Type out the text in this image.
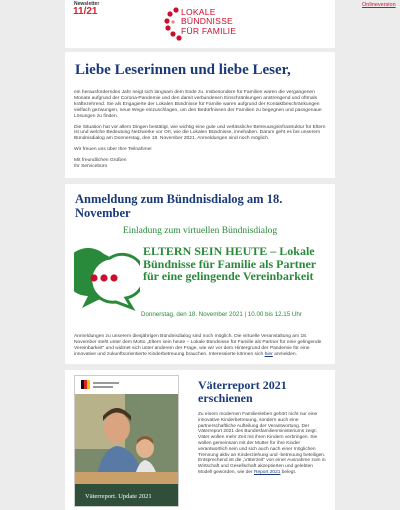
Newsletter
11/21	LOKALE
BÜNDNISSE
FÜR FAMILIE
Onlineversion
Liebe Leserinnen und liebe Leser,

ein herausforderndes Jahr neigt sich langsam dem Ende zu. Insbesondere für Familien waren die vergangenen Monate aufgrund der Corona-Pandemie und den damit verbundenen Einschränkungen anstrengend und oftmals kräftezehrend. Sie als Engagierte der Lokalen Bündnisse für Familie waren aufgrund der Kontaktbeschränkungen vielfach gezwungen, neue Wege einzuschlagen, um den Bedürfnissen der Familien zu begegnen und passgenaue Lösungen zu finden.

Die Situation hat vor allem Dingen bestätigt, wie wichtig eine gute und verlässliche Betreuungsinfrastruktur für Eltern ist und welche Bedeutung Netzwerke vor Ort, wie die Lokalen Bündnisse, innehaben. Darum geht es bei unserem Bündnisdialog am Donnerstag, den 18. November 2021. Anmeldungen sind noch möglich.

Wir freuen uns über Ihre Teilnahme!

Mit freundlichen Grüßen
Ihr Servicebüro

Anmeldung zum Bündnisdialog am 18. November
Einladung zum virtuellen Bündnisdialog
ELTERN SEIN HEUTE – Lokale Bündnisse für Familie als Partner für eine gelingende Vereinbarkeit
Donnerstag, den 18. November 2021 | 10.00 bis 12.15 Uhr
Anmeldungen zu unserem diesjährigen Bündnisdialog sind noch möglich. Die virtuelle Veranstaltung am 18. November steht unter dem Motto „Eltern sein heute – Lokale Bündnisse für Familie als Partner für eine gelingende Vereinbarkeit" und widmet sich unter anderem der Frage, wie wir vor dem Hintergrund der Pandemie für eine innovative und zukunftsorientierte Kinderbetreuung brauchen. Interessierte können sich hier anmelden.
Väterreport. Update 2021
Väterreport 2021 erschienen
Zu einem modernen Familienleben gehört nicht nur eine innovative Kinderbetreuung, sondern auch eine partnerschaftliche Aufteilung der Verantwortung. Der Väterreport 2021 des Bundesfamilienministeriums zeigt: Väter wollen mehr Zeit mit ihren Kindern verbringen. Sie wollen gemeinsam mit der Mutter für ihre Kinder verantwortlich sein und sich auch nach einer möglichen Trennung aktiv an Kinderziehung und -betreuung beteiligen. Entsprechend ist die „Väterzeit" von einer Ausnahme zum in Wirtschaft und Gesellschaft akzeptierten und gelebten Modell geworden, wie der Report 2021 belegt.
